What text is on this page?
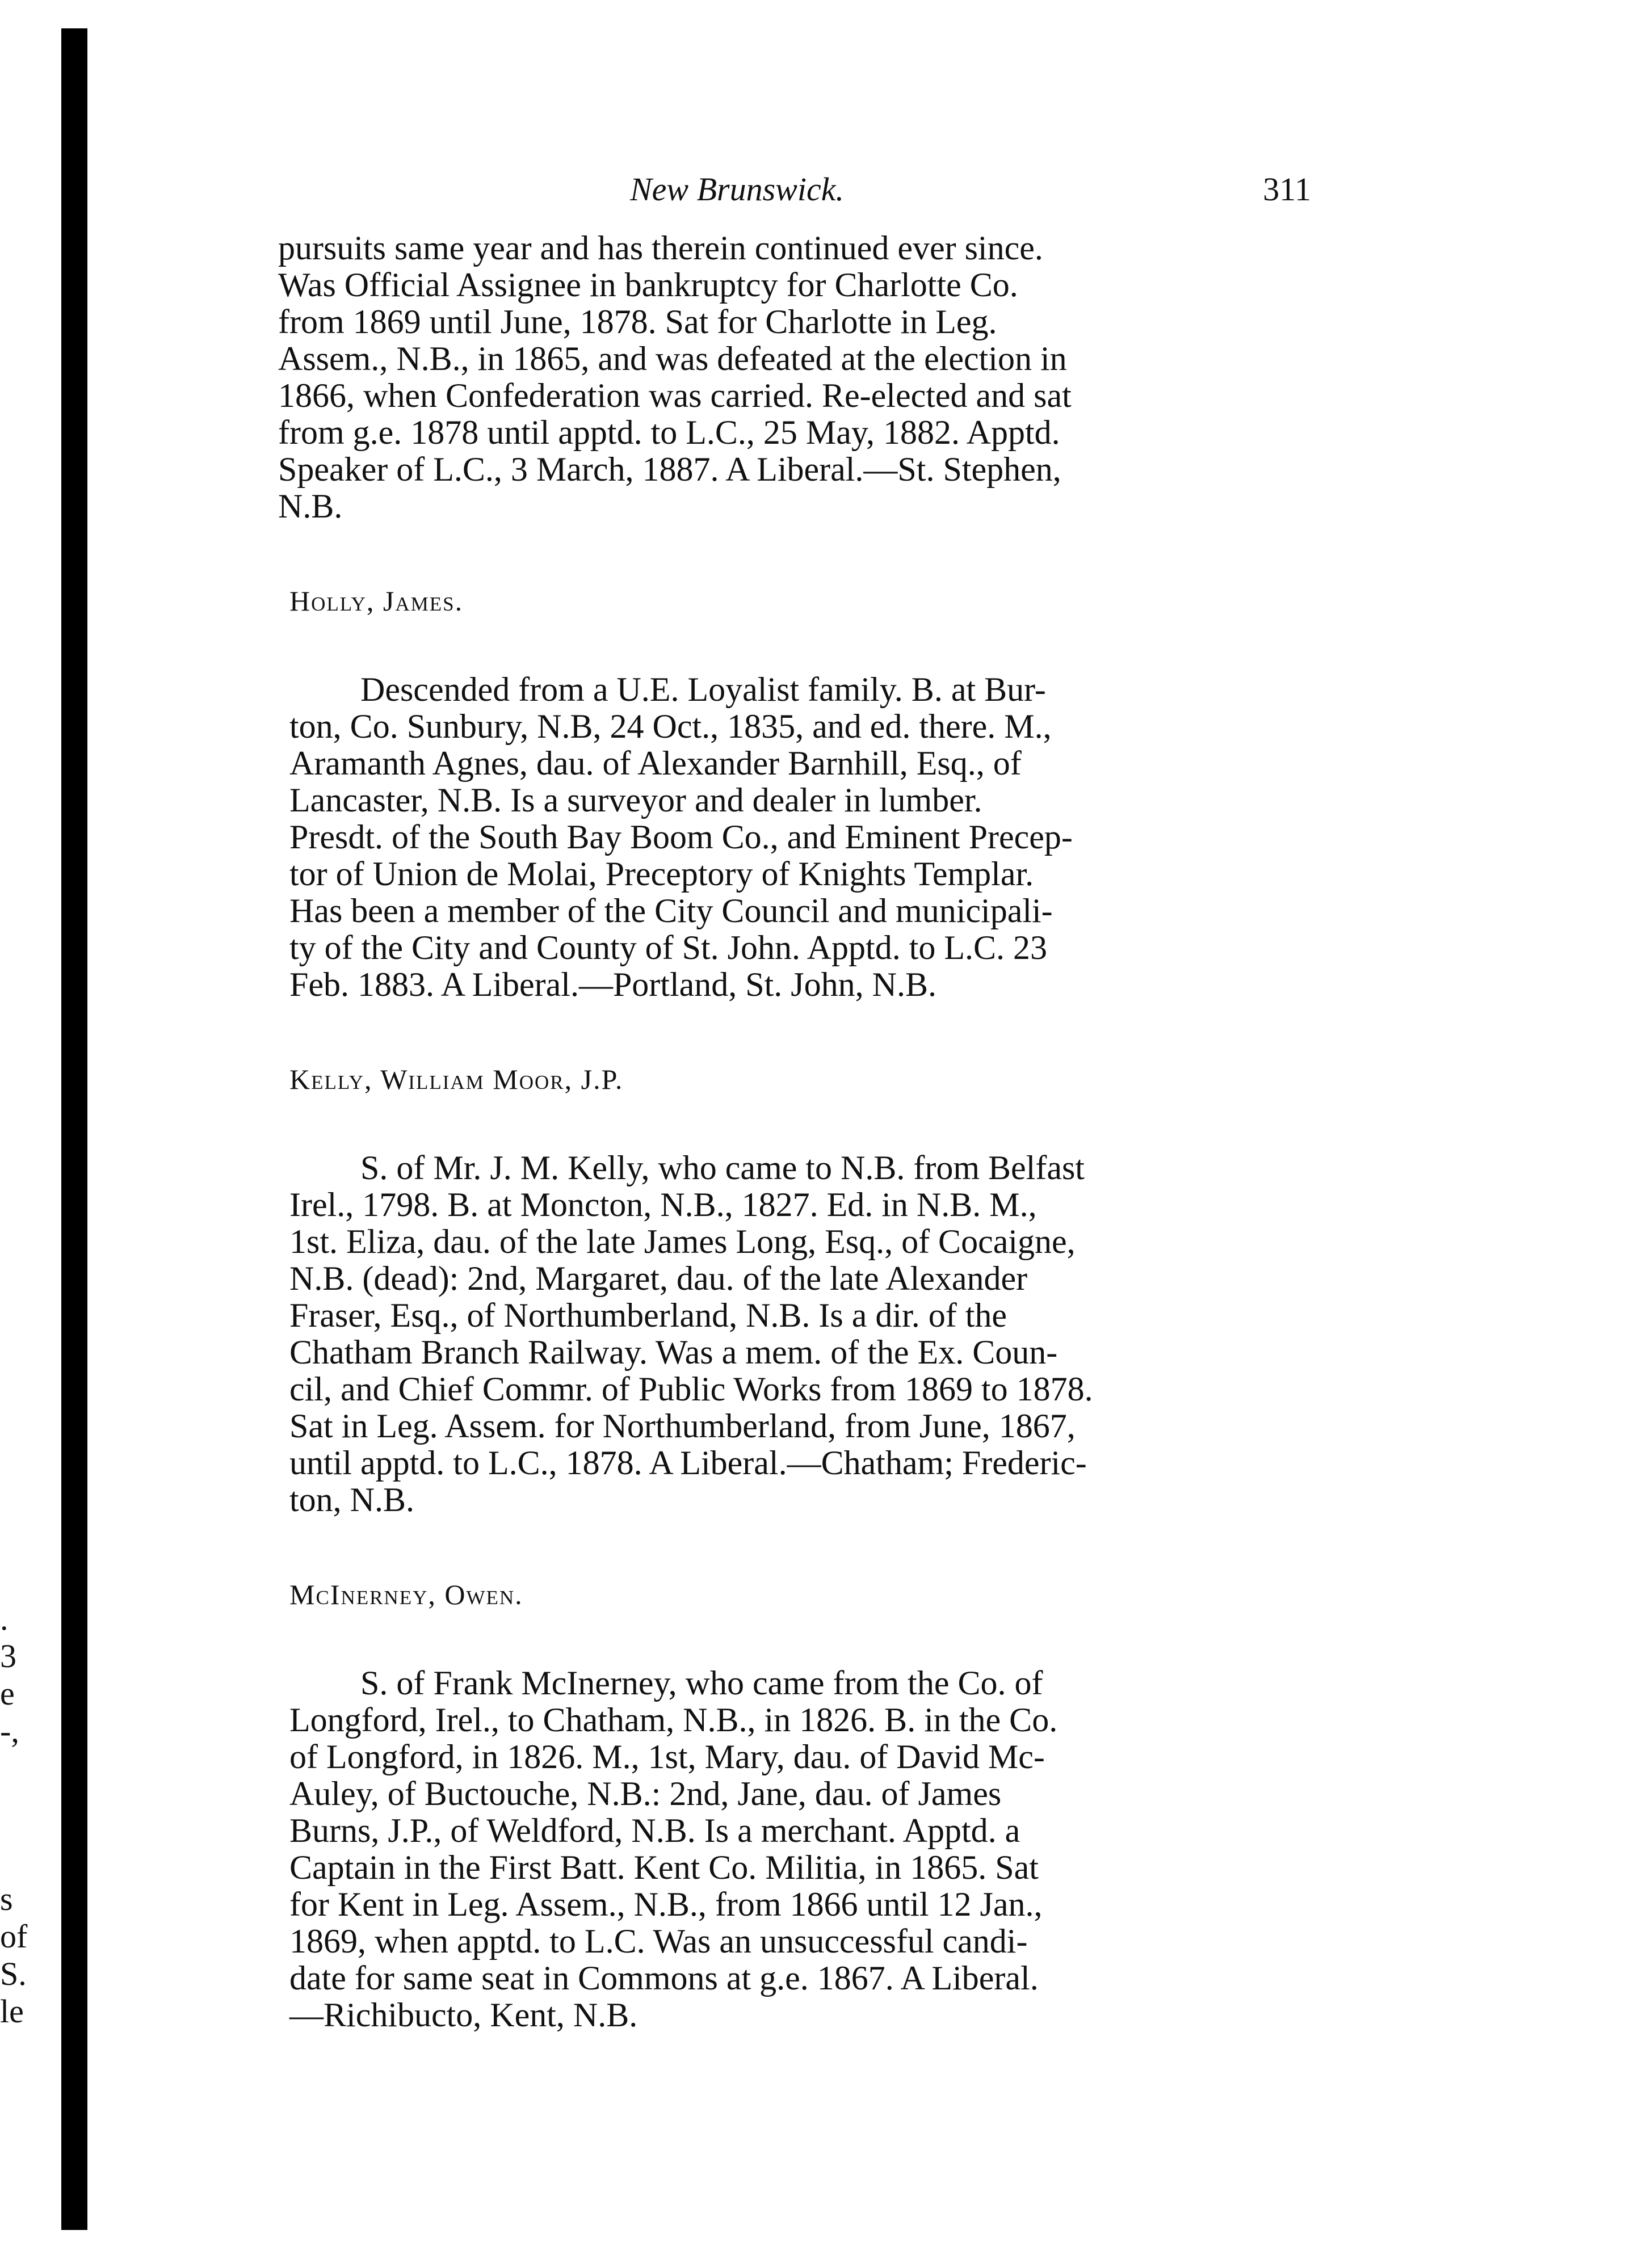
.
3
e
-,
s
of
S.
le
New Brunswick.	311

pursuits same year and has therein continued ever since.
Was Official Assignee in bankruptcy for Charlotte Co.
from 1869 until June, 1878. Sat for Charlotte in Leg.
Assem., N.B., in 1865, and was defeated at the election in
1866, when Confederation was carried. Re-elected and sat
from g.e. 1878 until apptd. to L.C., 25 May, 1882. Apptd.
Speaker of L.C., 3 March, 1887. A Liberal.—St. Stephen,
N.B.

Holly, James.

Descended from a U.E. Loyalist family. B. at Bur-
ton, Co. Sunbury, N.B, 24 Oct., 1835, and ed. there. M.,
Aramanth Agnes, dau. of Alexander Barnhill, Esq., of
Lancaster, N.B. Is a surveyor and dealer in lumber.
Presdt. of the South Bay Boom Co., and Eminent Precep-
tor of Union de Molai, Preceptory of Knights Templar.
Has been a member of the City Council and municipali-
ty of the City and County of St. John. Apptd. to L.C. 23
Feb. 1883. A Liberal.—Portland, St. John, N.B.

Kelly, William Moor, J.P.

S. of Mr. J. M. Kelly, who came to N.B. from Belfast
Irel., 1798. B. at Moncton, N.B., 1827. Ed. in N.B. M.,
1st. Eliza, dau. of the late James Long, Esq., of Cocaigne,
N.B. (dead): 2nd, Margaret, dau. of the late Alexander
Fraser, Esq., of Northumberland, N.B. Is a dir. of the
Chatham Branch Railway. Was a mem. of the Ex. Coun-
cil, and Chief Commr. of Public Works from 1869 to 1878.
Sat in Leg. Assem. for Northumberland, from June, 1867,
until apptd. to L.C., 1878. A Liberal.—Chatham; Frederic-
ton, N.B.

McInerney, Owen.

S. of Frank McInerney, who came from the Co. of
Longford, Irel., to Chatham, N.B., in 1826. B. in the Co.
of Longford, in 1826. M., 1st, Mary, dau. of David Mc-
Auley, of Buctouche, N.B.: 2nd, Jane, dau. of James
Burns, J.P., of Weldford, N.B. Is a merchant. Apptd. a
Captain in the First Batt. Kent Co. Militia, in 1865. Sat
for Kent in Leg. Assem., N.B., from 1866 until 12 Jan.,
1869, when apptd. to L.C. Was an unsuccessful candi-
date for same seat in Commons at g.e. 1867. A Liberal.
—Richibucto, Kent, N.B.
